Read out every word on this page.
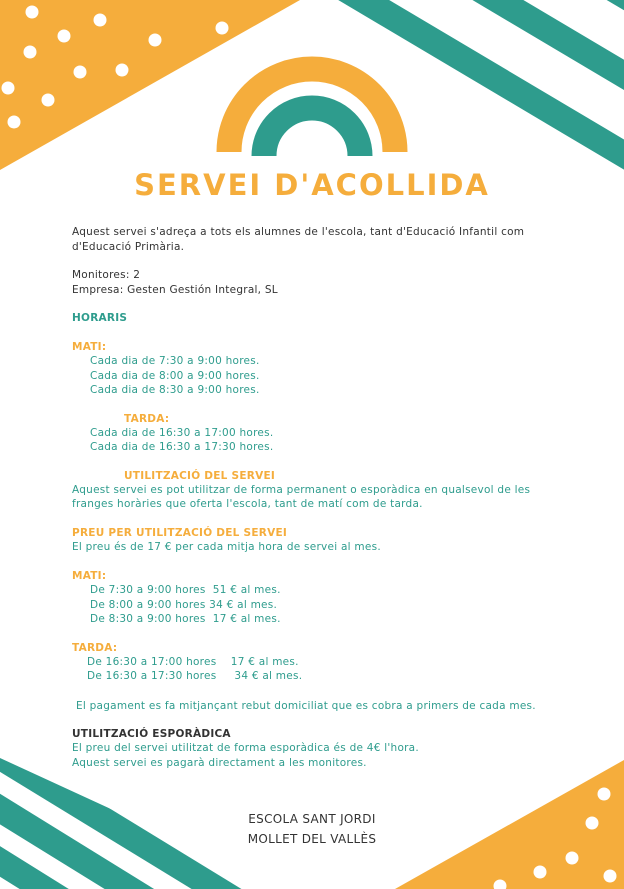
SERVEI D'ACOLLIDA

Aquest servei s'adreça a tots els alumnes de l'escola, tant d'Educació Infantil com

d'Educació Primària.

Monitores: 2

Empresa: Gesten Gestión Integral, SL

HORARIS

MATI:

Cada dia de 7:30 a 9:00 hores.

Cada dia de 8:00 a 9:00 hores.

Cada dia de 8:30 a 9:00 hores.

TARDA:

Cada dia de 16:30 a 17:00 hores.

Cada dia de 16:30 a 17:30 hores.

UTILITZACIÓ DEL SERVEI

Aquest servei es pot utilitzar de forma permanent o esporàdica en qualsevol de les

franges horàries que oferta l'escola, tant de matí com de tarda.

PREU PER UTILITZACIÓ DEL SERVEI

El preu és de 17 € per cada mitja hora de servei al mes.

MATI:

De 7:30 a 9:00 hores  51 € al mes.

De 8:00 a 9:00 hores 34 € al mes.

De 8:30 a 9:00 hores  17 € al mes.

TARDA:

De 16:30 a 17:00 hores    17 € al mes.

De 16:30 a 17:30 hores     34 € al mes.

El pagament es fa mitjançant rebut domiciliat que es cobra a primers de cada mes.

UTILITZACIÓ ESPORÀDICA

El preu del servei utilitzat de forma esporàdica és de 4€ l'hora.

Aquest servei es pagarà directament a les monitores.

ESCOLA SANT JORDI

MOLLET DEL VALLÈS
